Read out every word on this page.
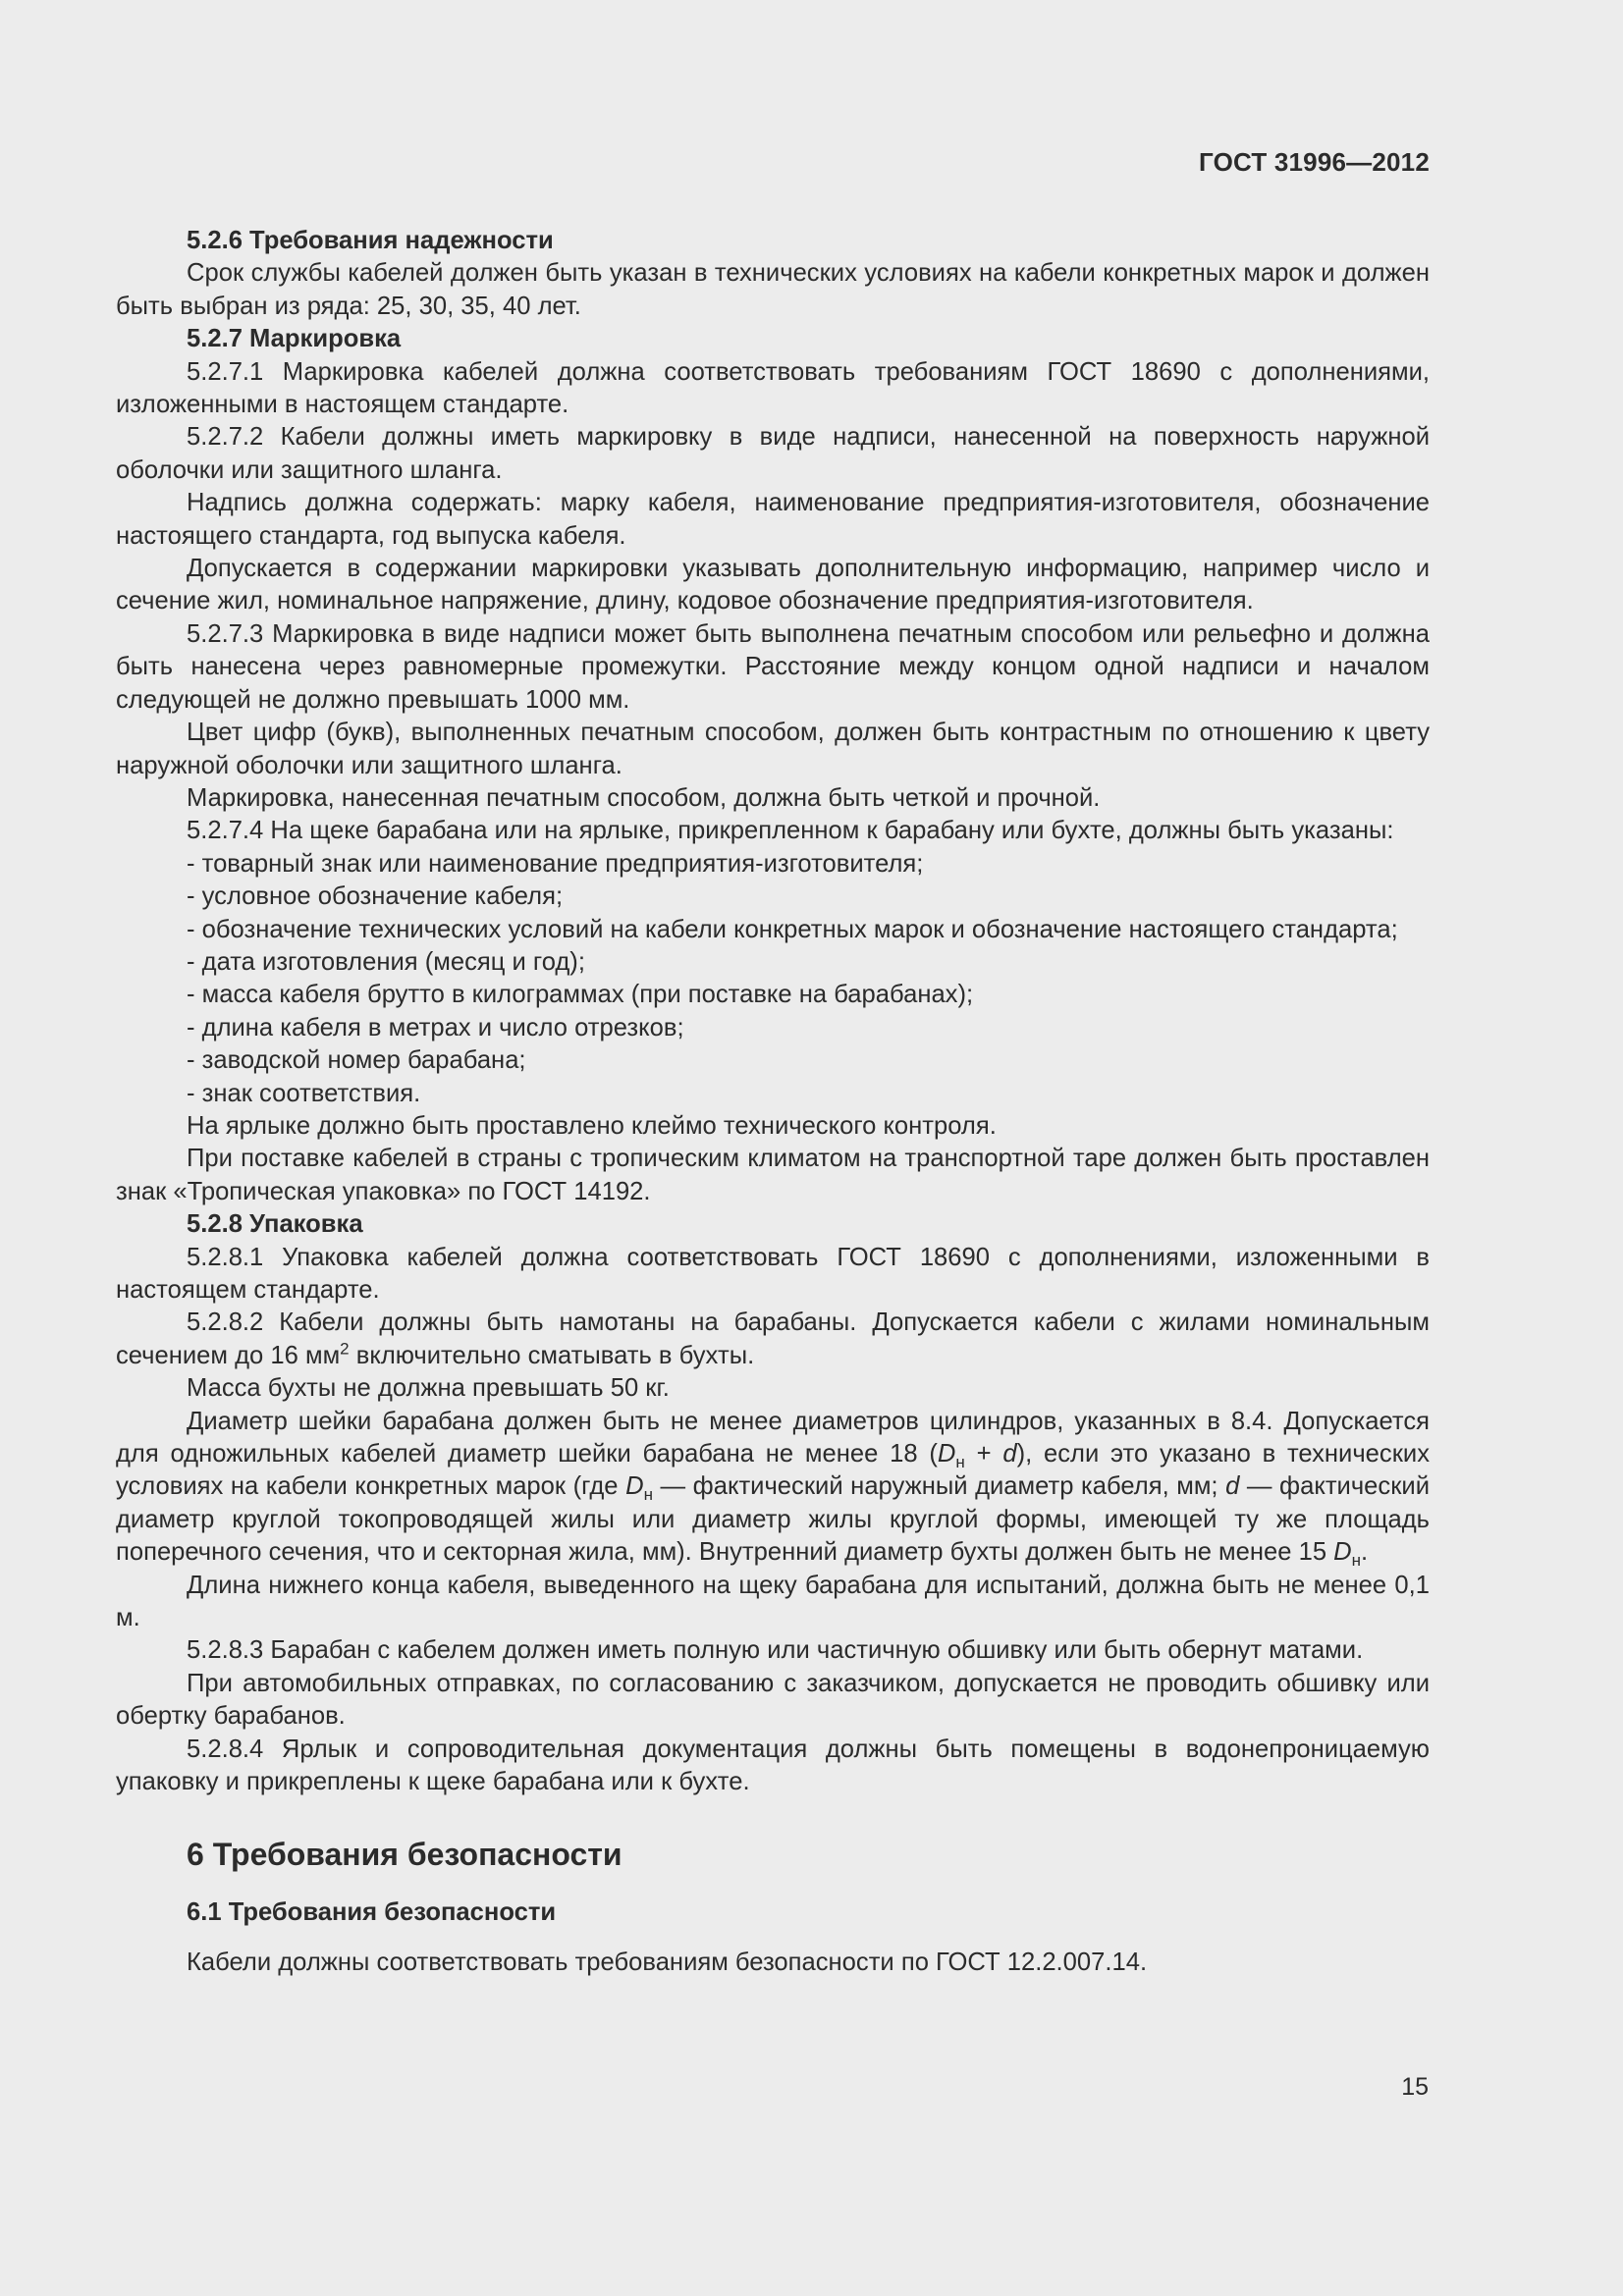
ГОСТ 31996—2012

5.2.6 Требования надежности

Срок службы кабелей должен быть указан в технических условиях на кабели конкретных марок и должен быть выбран из ряда: 25, 30, 35, 40 лет.

5.2.7 Маркировка

5.2.7.1 Маркировка кабелей должна соответствовать требованиям ГОСТ 18690 с дополнениями, изложенными в настоящем стандарте.

5.2.7.2 Кабели должны иметь маркировку в виде надписи, нанесенной на поверхность наружной оболочки или защитного шланга.

Надпись должна содержать: марку кабеля, наименование предприятия-изготовителя, обозначение настоящего стандарта, год выпуска кабеля.

Допускается в содержании маркировки указывать дополнительную информацию, например число и сечение жил, номинальное напряжение, длину, кодовое обозначение предприятия-изготовителя.

5.2.7.3 Маркировка в виде надписи может быть выполнена печатным способом или рельефно и должна быть нанесена через равномерные промежутки. Расстояние между концом одной надписи и началом следующей не должно превышать 1000 мм.

Цвет цифр (букв), выполненных печатным способом, должен быть контрастным по отношению к цвету наружной оболочки или защитного шланга.

Маркировка, нанесенная печатным способом, должна быть четкой и прочной.

5.2.7.4 На щеке барабана или на ярлыке, прикрепленном к барабану или бухте, должны быть указаны:

- товарный знак или наименование предприятия-изготовителя;

- условное обозначение кабеля;

- обозначение технических условий на кабели конкретных марок и обозначение настоящего стандарта;

- дата изготовления (месяц и год);

- масса кабеля брутто в килограммах (при поставке на барабанах);

- длина кабеля в метрах и число отрезков;

- заводской номер барабана;

- знак соответствия.

На ярлыке должно быть проставлено клеймо технического контроля.

При поставке кабелей в страны с тропическим климатом на транспортной таре должен быть проставлен знак «Тропическая упаковка» по ГОСТ 14192.

5.2.8 Упаковка

5.2.8.1 Упаковка кабелей должна соответствовать ГОСТ 18690 с дополнениями, изложенными в настоящем стандарте.

5.2.8.2 Кабели должны быть намотаны на барабаны. Допускается кабели с жилами номинальным сечением до 16 $мм^2$ включительно сматывать в бухты.

Масса бухты не должна превышать 50 кг.

Диаметр шейки барабана должен быть не менее диаметров цилиндров, указанных в 8.4. Допускается для одножильных кабелей диаметр шейки барабана не менее 18 $(D_н + d)$, если это указано в технических условиях на кабели конкретных марок (где $D_н$ — фактический наружный диаметр кабеля, мм; d — фактический диаметр круглой токопроводящей жилы или диаметр жилы круглой формы, имеющей ту же площадь поперечного сечения, что и секторная жила, мм). Внутренний диаметр бухты должен быть не менее 15 $D_н$.

Длина нижнего конца кабеля, выведенного на щеку барабана для испытаний, должна быть не менее 0,1 м.

5.2.8.3 Барабан с кабелем должен иметь полную или частичную обшивку или быть обернут матами.

При автомобильных отправках, по согласованию с заказчиком, допускается не проводить обшивку или обертку барабанов.

5.2.8.4 Ярлык и сопроводительная документация должны быть помещены в водонепроницаемую упаковку и прикреплены к щеке барабана или к бухте.

6 Требования безопасности
6.1 Требования безопасности

Кабели должны соответствовать требованиям безопасности по ГОСТ 12.2.007.14.

15
